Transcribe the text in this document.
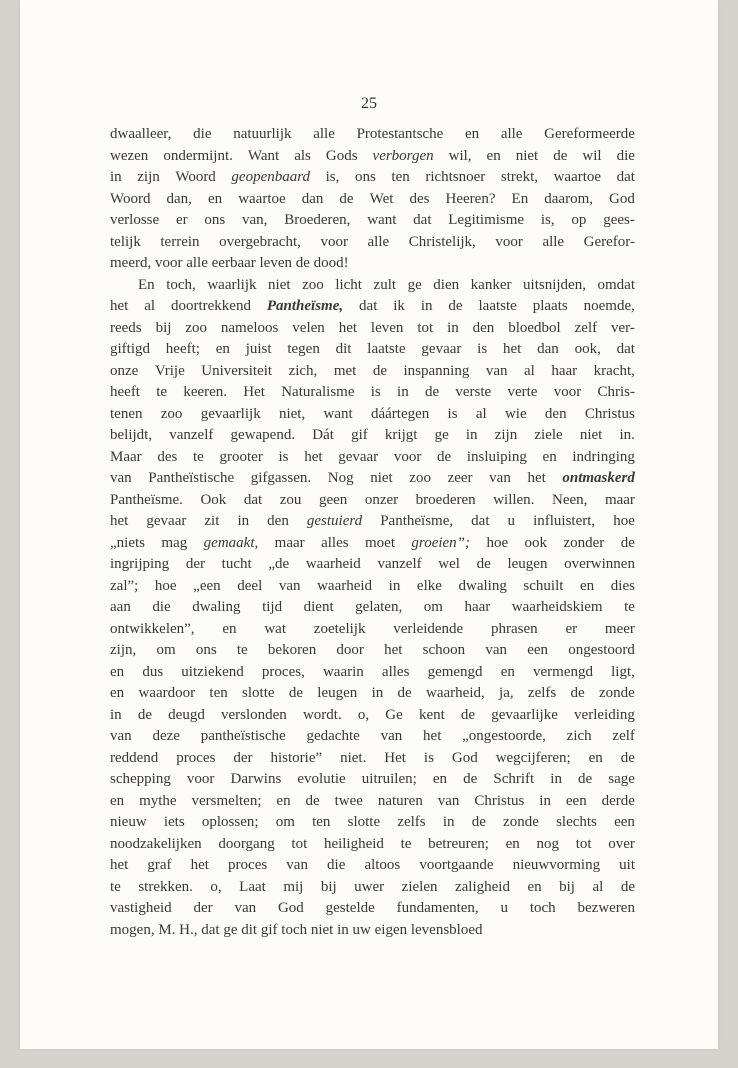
25
dwaalleer, die natuurlijk alle Protestantsche en alle Gereformeerde
wezen ondermijnt. Want als Gods verborgen wil, en niet de wil die
in zijn Woord geopenbaard is, ons ten richtsnoer strekt, waartoe dat
Woord dan, en waartoe dan de Wet des Heeren? En daarom, God
verlosse er ons van, Broederen, want dat Legitimisme is, op gees-
telijk terrein overgebracht, voor alle Christelijk, voor alle Gerefor-
meerd,
voor
alle
eerbaar
leven
de
dood!
En toch, waarlijk niet zoo licht zult ge dien kanker uitsnijden, omdat
het al doortrekkend Pantheïsme, dat ik in de laatste plaats noemde,
reeds bij zoo nameloos velen het leven tot in den bloedbol zelf ver-
giftigd heeft; en juist tegen dit laatste gevaar is het dan ook, dat
onze Vrije Universiteit zich, met de inspanning van al haar kracht,
heeft te keeren. Het Naturalisme is in de verste verte voor Chris-
tenen zoo gevaarlijk niet, want dáártegen is al wie den Christus
belijdt, vanzelf gewapend. Dát gif krijgt ge in zijn ziele niet in.
Maar des te grooter is het gevaar voor de insluiping en indringing
van Pantheïstische gifgassen. Nog niet zoo zeer van het ontmaskerd
Pantheïsme. Ook dat zou geen onzer broederen willen. Neen, maar
het gevaar zit in den gestuierd Pantheïsme, dat u influistert, hoe
„niets mag gemaakt, maar alles moet groeien”; hoe ook zonder de
ingrijping der tucht „de waarheid vanzelf wel de leugen overwinnen
zal”; hoe „een deel van waarheid in elke dwaling schuilt en dies
aan die dwaling tijd dient gelaten, om haar waarheidskiem te
ontwikkelen”, en wat zoetelijk verleidende phrasen er meer
zijn, om ons te bekoren door het schoon van een ongestoord
en dus uitziekend proces, waarin alles gemengd en vermengd ligt,
en waardoor ten slotte de leugen in de waarheid, ja, zelfs de zonde
in de deugd verslonden wordt. o, Ge kent de gevaarlijke verleiding
van deze pantheïstische gedachte van het „ongestoorde, zich zelf
reddend proces der historie” niet. Het is God wegcijferen; en de
schepping voor Darwins evolutie uitruilen; en de Schrift in de sage
en mythe versmelten; en de twee naturen van Christus in een derde
nieuw iets oplossen; om ten slotte zelfs in de zonde slechts een
noodzakelijken doorgang tot heiligheid te betreuren; en nog tot over
het graf het proces van die altoos voortgaande nieuwvorming uit
te strekken. o, Laat mij bij uwer zielen zaligheid en bij al de
vastigheid der van God gestelde fundamenten, u toch bezweren
mogen,
M.
H.,
dat
ge
dit
gif
toch
niet
in
uw
eigen
levensbloed
